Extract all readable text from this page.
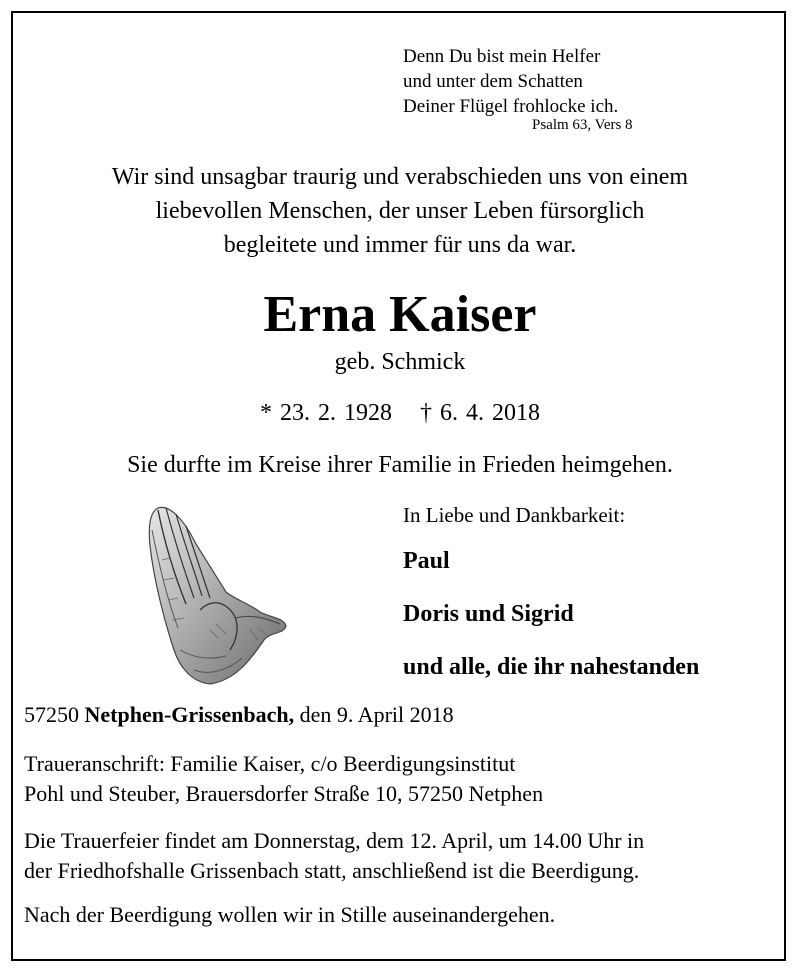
Denn Du bist mein Helfer
und unter dem Schatten
Deiner Flügel frohlocke ich.
Psalm 63, Vers 8
Wir sind unsagbar traurig und verabschieden uns von einem
liebevollen Menschen, der unser Leben fürsorglich
begleitete und immer für uns da war.
Erna Kaiser
geb. Schmick
* 23. 2. 1928 † 6. 4. 2018
Sie durfte im Kreise ihrer Familie in Frieden heimgehen.
In Liebe und Dankbarkeit:
Paul
Doris und Sigrid
und alle, die ihr nahestanden
57250 Netphen-Grissenbach, den 9. April 2018
Traueranschrift: Familie Kaiser, c/o Beerdigungsinstitut
Pohl und Steuber, Brauersdorfer Straße 10, 57250 Netphen
Die Trauerfeier findet am Donnerstag, dem 12. April, um 14.00 Uhr in
der Friedhofshalle Grissenbach statt, anschließend ist die Beerdigung.
Nach der Beerdigung wollen wir in Stille auseinandergehen.
